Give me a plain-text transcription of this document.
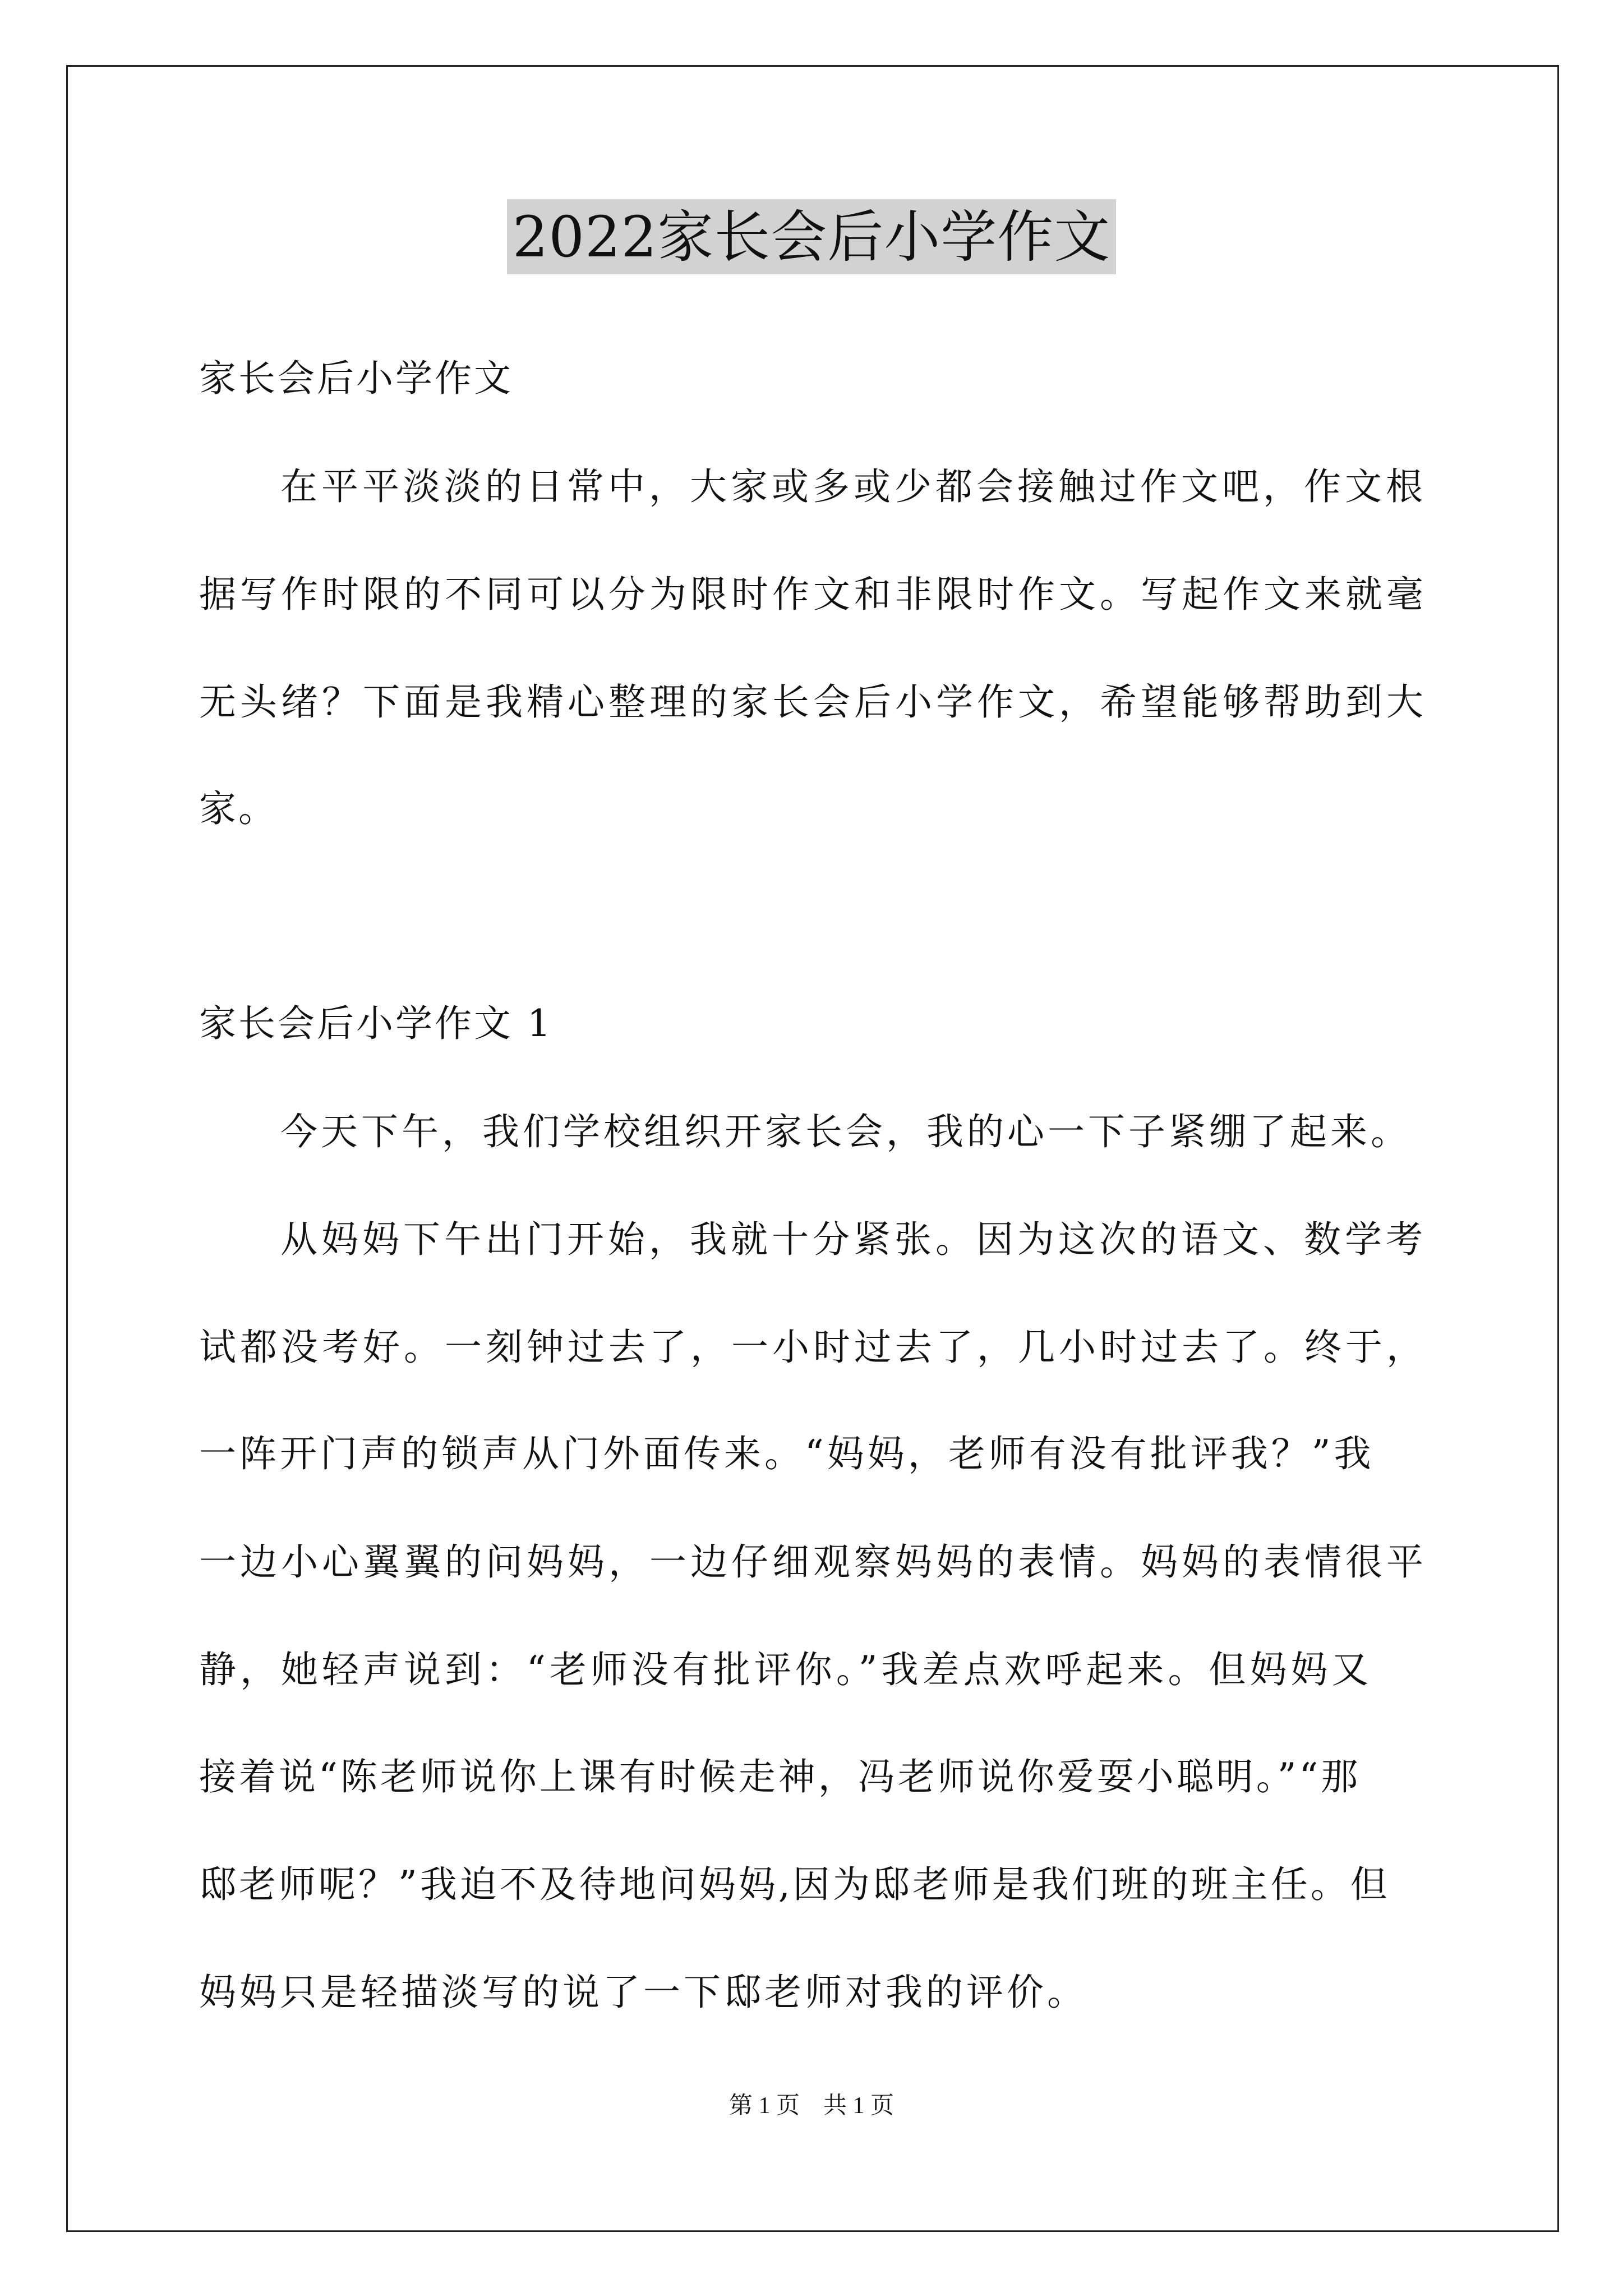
2022家长会后小学作文
家长会后小学作文
在平平淡淡的日常中，大家或多或少都会接触过作文吧，作文根
据写作时限的不同可以分为限时作文和非限时作文。写起作文来就毫
无头绪？下面是我精心整理的家长会后小学作文，希望能够帮助到大
家。
家长会后小学作文 1
今天下午，我们学校组织开家长会，我的心一下子紧绷了起来。
从妈妈下午出门开始，我就十分紧张。因为这次的语文、数学考
试都没考好。一刻钟过去了，一小时过去了，几小时过去了。终于，
一阵开门声的锁声从门外面传来。“妈妈，老师有没有批评我？”我
一边小心翼翼的问妈妈，一边仔细观察妈妈的表情。妈妈的表情很平
静，她轻声说到：“老师没有批评你。”我差点欢呼起来。但妈妈又
接着说“陈老师说你上课有时候走神，冯老师说你爱耍小聪明。”“那
邸老师呢？”我迫不及待地问妈妈,因为邸老师是我们班的班主任。但
妈妈只是轻描淡写的说了一下邸老师对我的评价。
第 1 页　共 1 页
